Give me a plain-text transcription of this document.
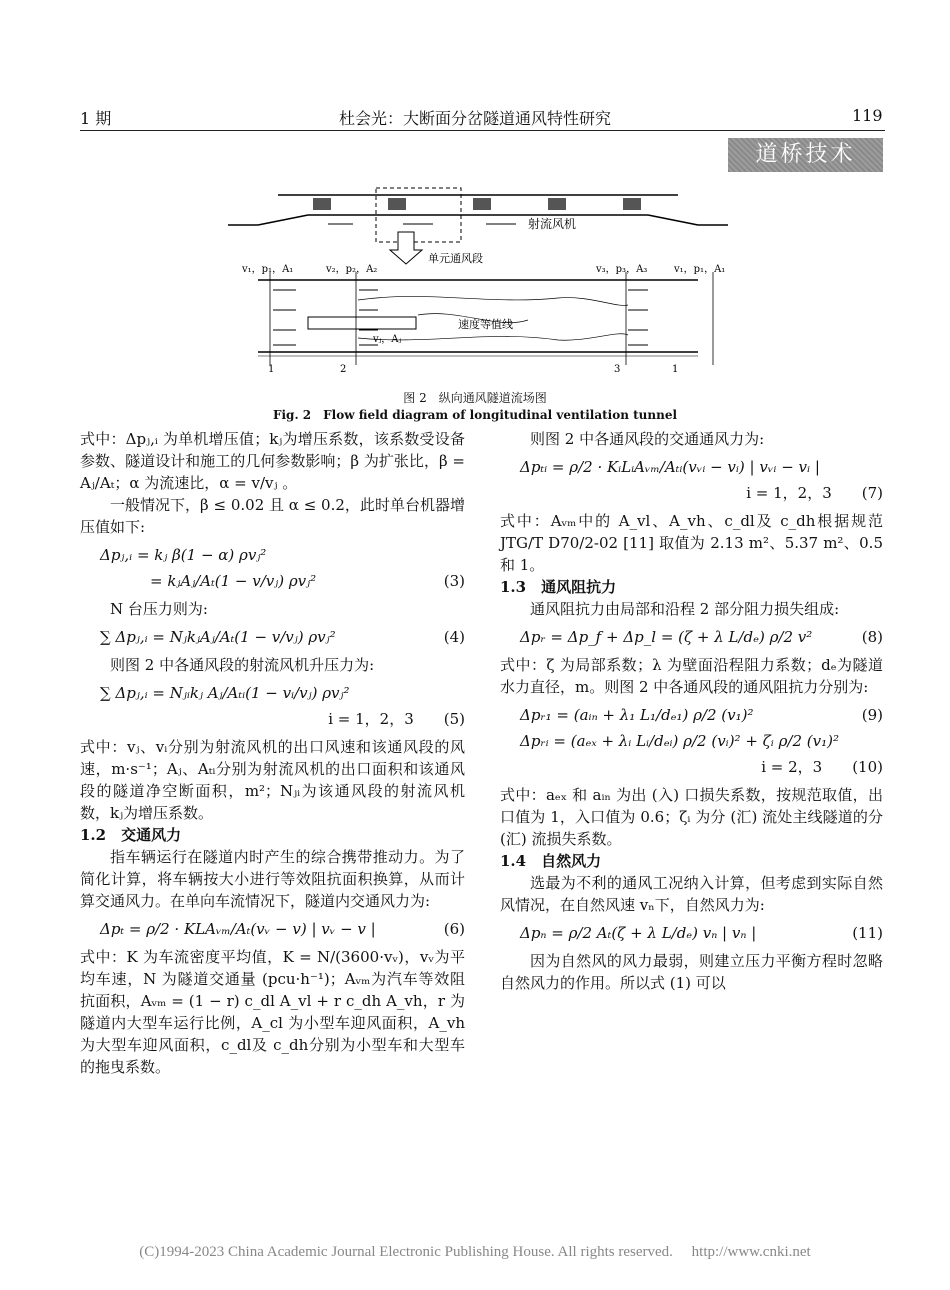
1 期	杜会光：大断面分岔隧道通风特性研究	119
道桥技术
射流风机
单元通风段
速度等值线
v₁，p₁，A₁	v₂，p₂，A₂	v₃，p₃，A₃	v₁，p₁，A₁
vⱼ，Aⱼ
1	2	3	1
图 2　纵向通风隧道流场图
Fig. 2　Flow field diagram of longitudinal ventilation tunnel

式中：Δpⱼ,ᵢ 为单机增压值；kⱼ为增压系数，该系数受设备参数、隧道设计和施工的几何参数影响；β 为扩张比，β = Aⱼ/Aₜ；α 为流速比，α = v/vⱼ 。

一般情况下，β ≤ 0.02 且 α ≤ 0.2，此时单台机器增压值如下:

Δpⱼ,ᵢ = kⱼ β(1 − α) ρvⱼ²
= kⱼAⱼ/Aₜ(1 − v/vⱼ) ρvⱼ²	(3)

N 台压力则为:

∑ Δpⱼ,ᵢ = NⱼkⱼAⱼ/Aₜ(1 − v/vⱼ) ρvⱼ²	(4)

则图 2 中各通风段的射流风机升压力为:

∑ Δpⱼ,ᵢ = Nⱼᵢkⱼ Aⱼ/Aₜᵢ(1 − vᵢ/vⱼ) ρvⱼ²
i = 1，2，3 (5)

式中：vⱼ、vᵢ分别为射流风机的出口风速和该通风段的风速，m·s⁻¹；Aⱼ、Aₜᵢ分别为射流风机的出口面积和该通风段的隧道净空断面积，m²；Nⱼᵢ为该通风段的射流风机数，kⱼ为增压系数。

1.2　交通风力

指车辆运行在隧道内时产生的综合携带推动力。为了简化计算，将车辆按大小进行等效阻抗面积换算，从而计算交通风力。在单向车流情况下，隧道内交通风力为:

Δpₜ = ρ/2 · KLAᵥₘ/Aₜ(vᵥ − v) | vᵥ − v |	(6)

式中：K 为车流密度平均值，K = N/(3600·vᵥ)，vᵥ为平均车速，N 为隧道交通量 (pcu·h⁻¹)；Aᵥₘ为汽车等效阻抗面积，Aᵥₘ = (1 − r) c_dl A_vl + r c_dh A_vh，r 为隧道内大型车运行比例，A_cl 为小型车迎风面积，A_vh为大型车迎风面积，c_dl及 c_dh分别为小型车和大型车的拖曳系数。

则图 2 中各通风段的交通通风力为:

Δpₜᵢ = ρ/2 · KᵢLᵢAᵥₘ/Aₜᵢ(vᵥᵢ − vᵢ) | vᵥᵢ − vᵢ |
i = 1，2，3 (7)

式中：Aᵥₘ中的 A_vl、A_vh、c_dl及 c_dh根据规范 JTG/T D70/2-02 [11] 取值为 2.13 m²、5.37 m²、0.5 和 1。

1.3　通风阻抗力

通风阻抗力由局部和沿程 2 部分阻力损失组成:

Δpᵣ = Δp_f + Δp_l = (ζ + λ L/dₑ) ρ/2 v²	(8)

式中：ζ 为局部系数；λ 为壁面沿程阻力系数；dₑ为隧道水力直径，m。则图 2 中各通风段的通风阻抗力分别为:

Δpᵣ₁ = (aᵢₙ + λ₁ L₁/dₑ₁) ρ/2 (v₁)²	(9)
Δpᵣᵢ = (aₑₓ + λᵢ Lᵢ/dₑᵢ) ρ/2 (vᵢ)² + ζᵢ ρ/2 (v₁)²
i = 2，3 (10)

式中：aₑₓ 和 aᵢₙ 为出 (入) 口损失系数，按规范取值，出口值为 1，入口值为 0.6；ζᵢ 为分 (汇) 流处主线隧道的分 (汇) 流损失系数。

1.4　自然风力

选最为不利的通风工况纳入计算，但考虑到实际自然风情况，在自然风速 vₙ下，自然风力为:

Δpₙ = ρ/2 Aₜ(ζ + λ L/dₑ) vₙ | vₙ |	(11)

因为自然风的风力最弱，则建立压力平衡方程时忽略自然风力的作用。所以式 (1) 可以

(C)1994-2023 China Academic Journal Electronic Publishing House. All rights reserved.　 http://www.cnki.net
